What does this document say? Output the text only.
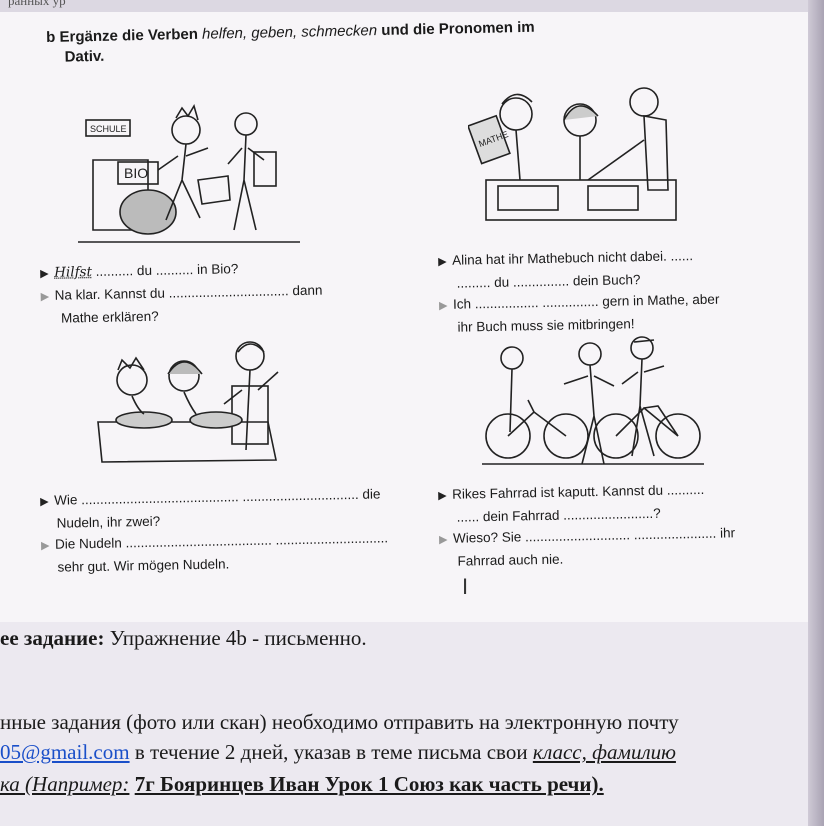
ранных ур
b Ergänze die Verben helfen, geben, schmecken und die Pronomen im
Dativ.
SCHULE
BIO
MATHE
▶ Hilfst .......... du .......... in Bio?
▶ Na klar. Kannst du ................................ dann
Mathe erklären?
▶ Alina hat ihr Mathebuch nicht dabei. ......
......... du ............... dein Buch?
▶ Ich ................. ............... gern in Mathe, aber
ihr Buch muss sie mitbringen!
▶ Wie .......................................... ............................... die
Nudeln, ihr zwei?
▶ Die Nudeln ....................................... ..............................
sehr gut. Wir mögen Nudeln.
▶ Rikes Fahrrad ist kaputt. Kannst du ..........
...... dein Fahrrad ........................?
▶ Wieso? Sie ............................ ...................... ihr
Fahrrad auch nie.
I
ее задание: Упражнение 4b - письменно.
нные задания (фото или скан) необходимо отправить на электронную почту
05@gmail.com в течение 2 дней, указав в теме письма свои класс, фамилию
ка (Например: 7г Бояринцев Иван Урок 1 Союз как часть речи).
